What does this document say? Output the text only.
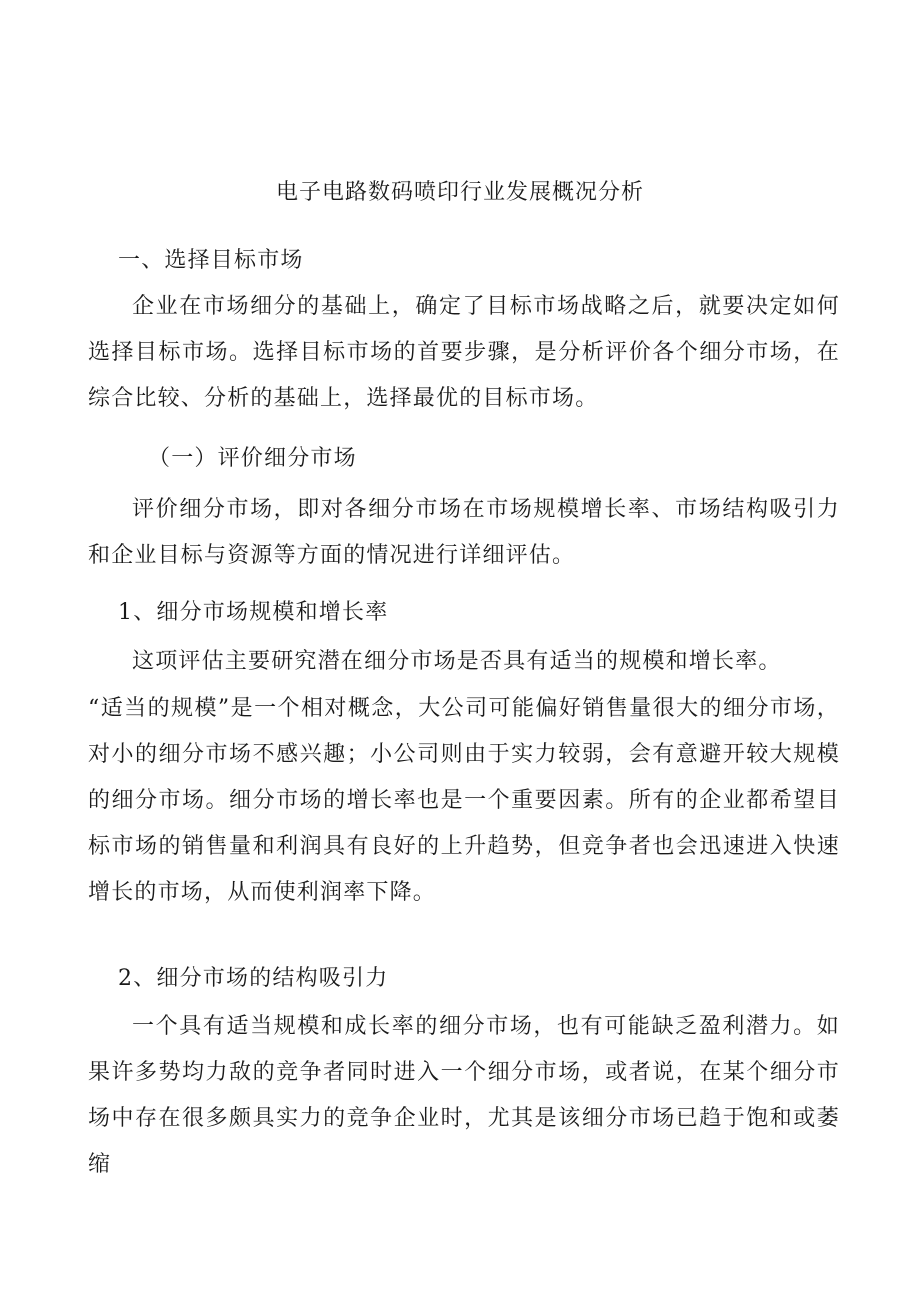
电子电路数码喷印行业发展概况分析
一、选择目标市场
企业在市场细分的基础上，确定了目标市场战略之后，就要决定如何选择目标市场。选择目标市场的首要步骤，是分析评价各个细分市场，在综合比较、分析的基础上，选择最优的目标市场。
（一）评价细分市场
评价细分市场，即对各细分市场在市场规模增长率、市场结构吸引力和企业目标与资源等方面的情况进行详细评估。
1、细分市场规模和增长率
这项评估主要研究潜在细分市场是否具有适当的规模和增长率。
“适当的规模”是一个相对概念，大公司可能偏好销售量很大的细分市场，对小的细分市场不感兴趣；小公司则由于实力较弱，会有意避开较大规模的细分市场。细分市场的增长率也是一个重要因素。所有的企业都希望目标市场的销售量和利润具有良好的上升趋势，但竞争者也会迅速进入快速增长的市场，从而使利润率下降。
2、细分市场的结构吸引力
一个具有适当规模和成长率的细分市场，也有可能缺乏盈利潜力。如果许多势均力敌的竞争者同时进入一个细分市场，或者说，在某个细分市场中存在很多颇具实力的竞争企业时，尤其是该细分市场已趋于饱和或萎缩
